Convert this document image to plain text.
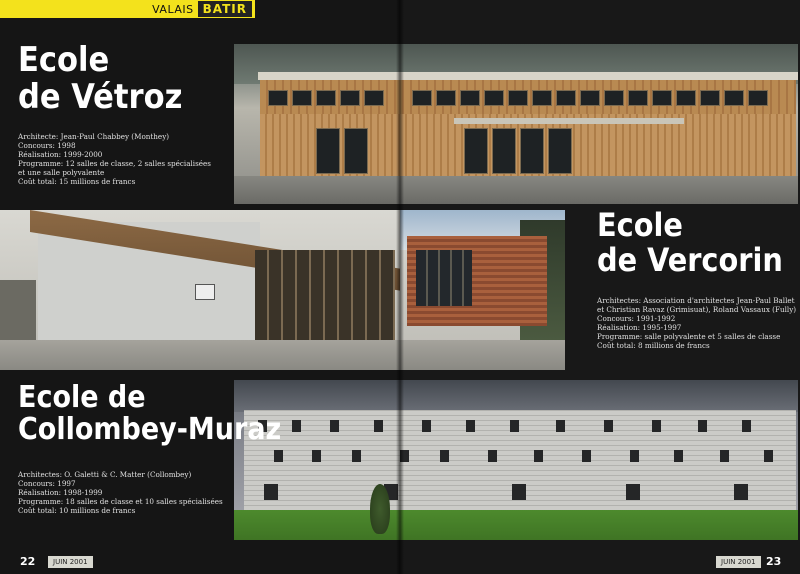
VALAIS BATIR
Ecole
de Vétroz
Architecte: Jean-Paul Chabbey (Monthey)
Concours: 1998
Réalisation: 1999-2000
Programme: 12 salles de classe, 2 salles spécialisées
et une salle polyvalente
Coût total: 15 millions de francs
Ecole
de Vercorin
Architectes: Association d'architectes Jean-Paul Ballet
et Christian Ravaz (Grimisuat), Roland Vassaux (Fully)
Concours: 1991-1992
Réalisation: 1995-1997
Programme: salle polyvalente et 5 salles de classe
Coût total: 8 millions de francs
Ecole de
Collombey-Muraz
Architectes: O. Galetti & C. Matter (Collombey)
Concours: 1997
Réalisation: 1998-1999
Programme: 18 salles de classe et 10 salles spécialisées
Coût total: 10 millions de francs
22	JUIN 2001	JUIN 2001 23
